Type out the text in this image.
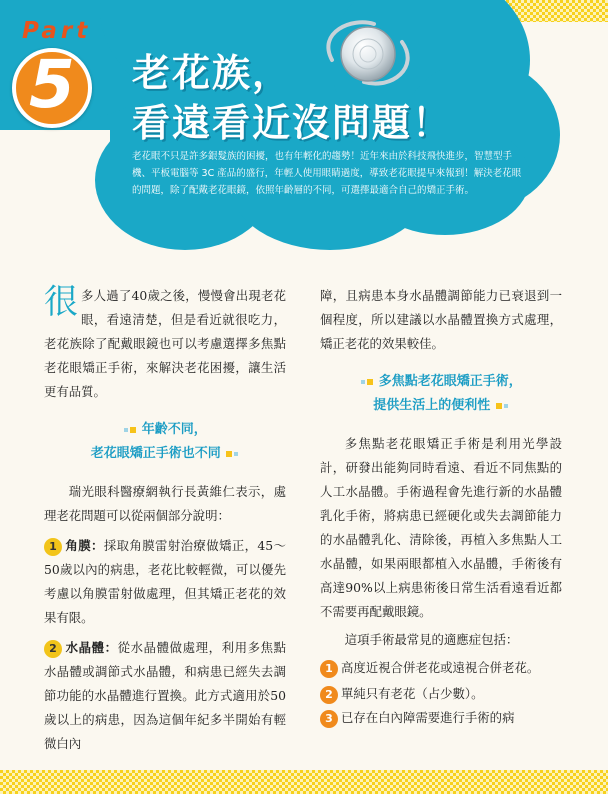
Part
5	老花族，
看遠看近沒問題！
老花眼不只是許多銀髮族的困擾，也有年輕化的趨勢！近年來由於科技飛快進步，智慧型手機、平板電腦等 3C 產品的盛行，年輕人使用眼睛過度，導致老花眼提早來報到！解決老花眼的問題，除了配戴老花眼鏡，依照年齡層的不同，可選擇最適合自己的矯正手術。

很多人過了40歲之後，慢慢會出現老花眼，看遠清楚，但是看近就很吃力，老花族除了配戴眼鏡也可以考慮選擇多焦點老花眼矯正手術，來解決老花困擾，讓生活更有品質。

年齡不同，
老花眼矯正手術也不同

瑞光眼科醫療網執行長黃維仁表示，處理老花問題可以從兩個部分說明：

1 角膜：採取角膜雷射治療做矯正，45～50歲以內的病患，老花比較輕微，可以優先考慮以角膜雷射做處理，但其矯正老花的效果有限。

2 水晶體：從水晶體做處理，利用多焦點水晶體或調節式水晶體，和病患已經失去調節功能的水晶體進行置換。此方式適用於50歲以上的病患，因為這個年紀多半開始有輕微白內

障，且病患本身水晶體調節能力已衰退到一個程度，所以建議以水晶體置換方式處理，矯正老花的效果較佳。

多焦點老花眼矯正手術，
提供生活上的便利性

多焦點老花眼矯正手術是利用光學設計，研發出能夠同時看遠、看近不同焦點的人工水晶體。手術過程會先進行新的水晶體乳化手術，將病患已經硬化或失去調節能力的水晶體乳化、清除後，再植入多焦點人工水晶體，如果兩眼都植入水晶體，手術後有高達90%以上病患術後日常生活看遠看近都不需要再配戴眼鏡。

這項手術最常見的適應症包括：

1 高度近視合併老花或遠視合併老花。

2 單純只有老花（占少數）。

3 已存在白內障需要進行手術的病
